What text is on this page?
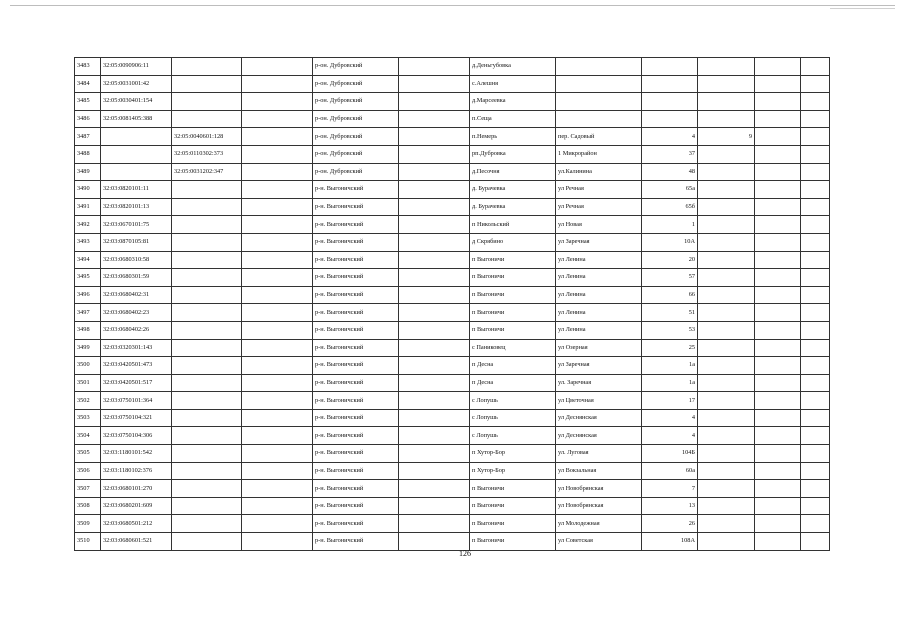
3483	32:05:0090906:11			р-он. Дубровский		д.Деньгубовка					
3484	32:05:0031001:42			р-он. Дубровский		с.Алешня					
3485	32:05:0030401:154			р-он. Дубровский		д.Марсеевка					
3486	32:05:0081405:388			р-он. Дубровский		п.Сеща					
3487		32:05:0040601:128		р-он. Дубровский		п.Немерь	пер. Садовый	4	9		
3488		32:05:0110302:373		р-он. Дубровский		рп.Дубровка	1 Микрорайон	37			
3489		32:05:0031202:347		р-он. Дубровский		д.Песочня	ул.Калинина	48			
3490	32:03:0820101:11			р-н. Выгоничский		д. Бурачевка	ул Речная	65а			
3491	32:03:0820101:13			р-н. Выгоничский		д. Бурачевка	ул Речная	65б			
3492	32:03:0670101:75			р-н. Выгоничский		п Никольский	ул Новая	1			
3493	32:03:0870105:81			р-н. Выгоничский		д Скрябино	ул Заречная	10А			
3494	32:03:0680310:58			р-н. Выгоничский		п Выгоничи	ул Ленина	20			
3495	32:03:0680301:59			р-н. Выгоничский		п Выгоничи	ул Ленина	57			
3496	32:03:0680402:31			р-н. Выгоничский		п Выгоничи	ул Ленина	66			
3497	32:03:0680402:23			р-н. Выгоничский		п Выгоничи	ул Ленина	51			
3498	32:03:0680402:26			р-н. Выгоничский		п Выгоничи	ул Ленина	53			
3499	32:03:0320301:143			р-н. Выгоничский		с Паниковец	ул Озерная	25			
3500	32:03:0420501:473			р-н. Выгоничский		п Десна	ул Заречная	1а			
3501	32:03:0420501:517			р-н. Выгоничский		п Десна	ул. Заречная	1а			
3502	32:03:0750101:364			р-н. Выгоничский		с Лопушь	ул Цветочная	17			
3503	32:03:0750104:321			р-н. Выгоничский		с Лопушь	ул Деснянская	4			
3504	32:03:0750104:306			р-н. Выгоничский		с Лопушь	ул Деснянская	4			
3505	32:03:1180101:542			р-н. Выгоничский		п Хутор-Бор	ул. Луговая	104Б			
3506	32:03:1180102:376			р-н. Выгоничский		п Хутор-Бор	ул Вокзальная	60а			
3507	32:03:0680101:270			р-н. Выгоничский		п Выгоничи	ул Новобрянская	7			
3508	32:03:0680201:609			р-н. Выгоничский		п Выгоничи	ул Новобрянская	13			
3509	32:03:0680501:212			р-н. Выгоничский		п Выгоничи	ул Молодежная	26			
3510	32:03:0680601:521			р-н. Выгоничский		п Выгоничи	ул Советская	108А			
126
